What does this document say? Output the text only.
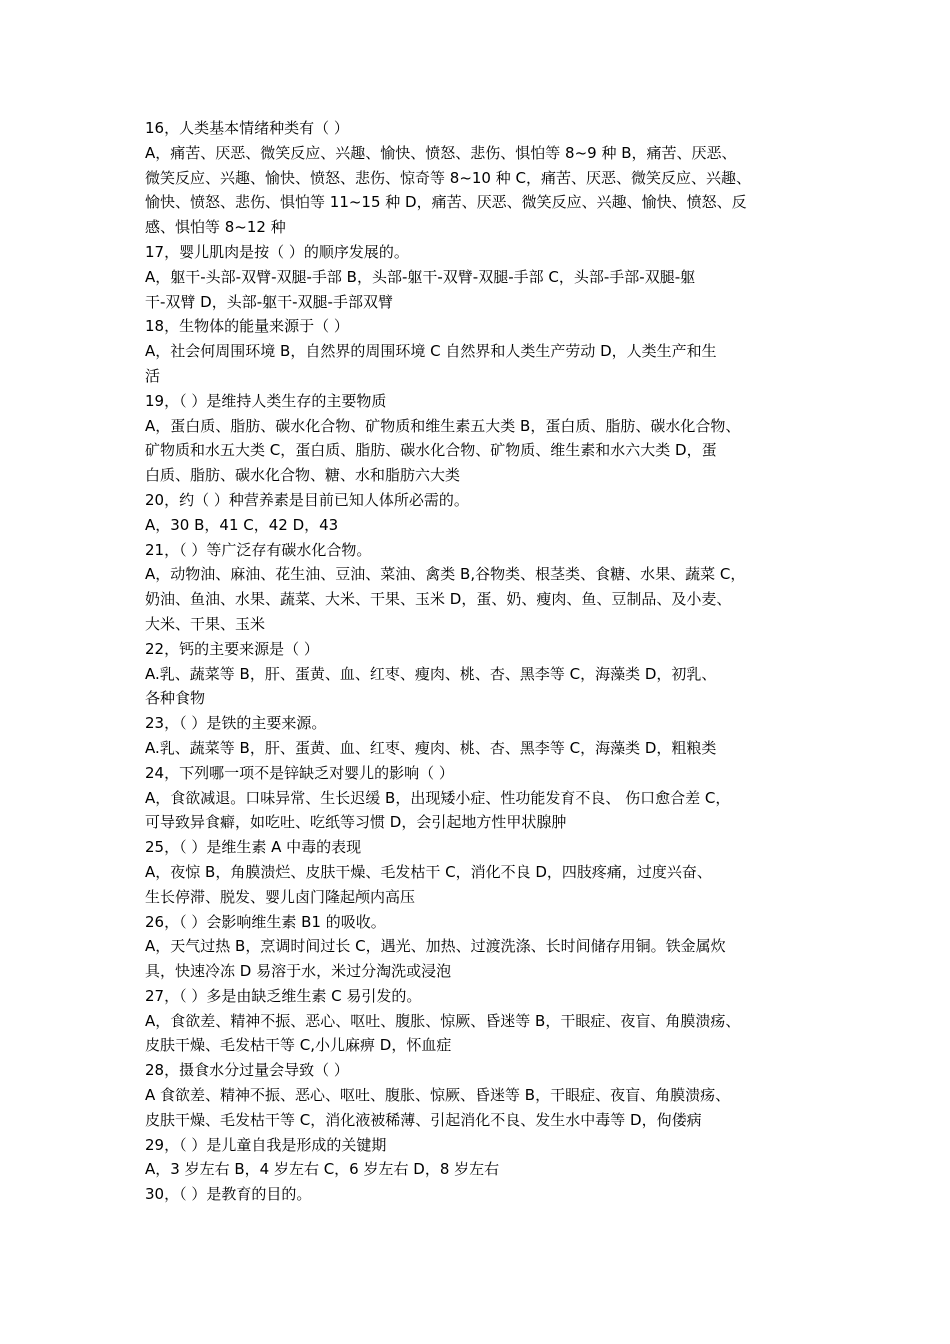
16，人类基本情绪种类有（ ）
A，痛苦、厌恶、微笑反应、兴趣、愉快、愤怒、悲伤、惧怕等 8~9 种 B，痛苦、厌恶、
微笑反应、兴趣、愉快、愤怒、悲伤、惊奇等 8~10 种 C，痛苦、厌恶、微笑反应、兴趣、
愉快、愤怒、悲伤、惧怕等 11~15 种 D，痛苦、厌恶、微笑反应、兴趣、愉快、愤怒、反
感、惧怕等 8~12 种
17，婴儿肌肉是按（ ）的顺序发展的。
A，躯干-头部-双臂-双腿-手部 B，头部-躯干-双臂-双腿-手部 C，头部-手部-双腿-躯
干-双臂 D，头部-躯干-双腿-手部双臂
18，生物体的能量来源于（ ）
A，社会何周围环境 B，自然界的周围环境 C 自然界和人类生产劳动 D，人类生产和生
活
19，（ ）是维持人类生存的主要物质
A，蛋白质、脂肪、碳水化合物、矿物质和维生素五大类 B，蛋白质、脂肪、碳水化合物、
矿物质和水五大类 C，蛋白质、脂肪、碳水化合物、矿物质、维生素和水六大类 D，蛋
白质、脂肪、碳水化合物、糖、水和脂肪六大类
20，约（ ）种营养素是目前已知人体所必需的。
A，30 B，41 C，42 D，43
21，（ ）等广泛存有碳水化合物。
A，动物油、麻油、花生油、豆油、菜油、禽类 B,谷物类、根茎类、食糖、水果、蔬菜 C，
奶油、鱼油、水果、蔬菜、大米、干果、玉米 D，蛋、奶、瘦肉、鱼、豆制品、及小麦、
大米、干果、玉米
22，钙的主要来源是（ ）
A.乳、蔬菜等 B，肝、蛋黄、血、红枣、瘦肉、桃、杏、黑李等 C，海藻类 D，初乳、
各种食物
23，（ ）是铁的主要来源。
A.乳、蔬菜等 B，肝、蛋黄、血、红枣、瘦肉、桃、杏、黑李等 C，海藻类 D，粗粮类
24，下列哪一项不是锌缺乏对婴儿的影响（ ）
A，食欲减退。口味异常、生长迟缓 B，出现矮小症、性功能发育不良、 伤口愈合差 C，
可导致异食癖，如吃吐、吃纸等习惯 D，会引起地方性甲状腺肿
25，（ ）是维生素 A 中毒的表现
A，夜惊 B，角膜溃烂、皮肤干燥、毛发枯干 C，消化不良 D，四肢疼痛，过度兴奋、
生长停滞、脱发、婴儿卤门隆起颅内高压
26，（ ）会影响维生素 B1 的吸收。
A，天气过热 B，烹调时间过长 C，遇光、加热、过渡洗涤、长时间储存用铜。铁金属炊
具，快速冷冻 D 易溶于水，米过分淘洗或浸泡
27，（ ）多是由缺乏维生素 C 易引发的。
A，食欲差、精神不振、恶心、呕吐、腹胀、惊厥、昏迷等 B，干眼症、夜盲、角膜溃疡、
皮肤干燥、毛发枯干等 C,小儿麻痹 D，怀血症
28，摄食水分过量会导致（ ）
A 食欲差、精神不振、恶心、呕吐、腹胀、惊厥、昏迷等 B，干眼症、夜盲、角膜溃疡、
皮肤干燥、毛发枯干等 C，消化液被稀薄、引起消化不良、发生水中毒等 D，佝偻病
29，（ ）是儿童自我是形成的关键期
A，3 岁左右 B，4 岁左右 C，6 岁左右 D，8 岁左右
30，（ ）是教育的目的。
